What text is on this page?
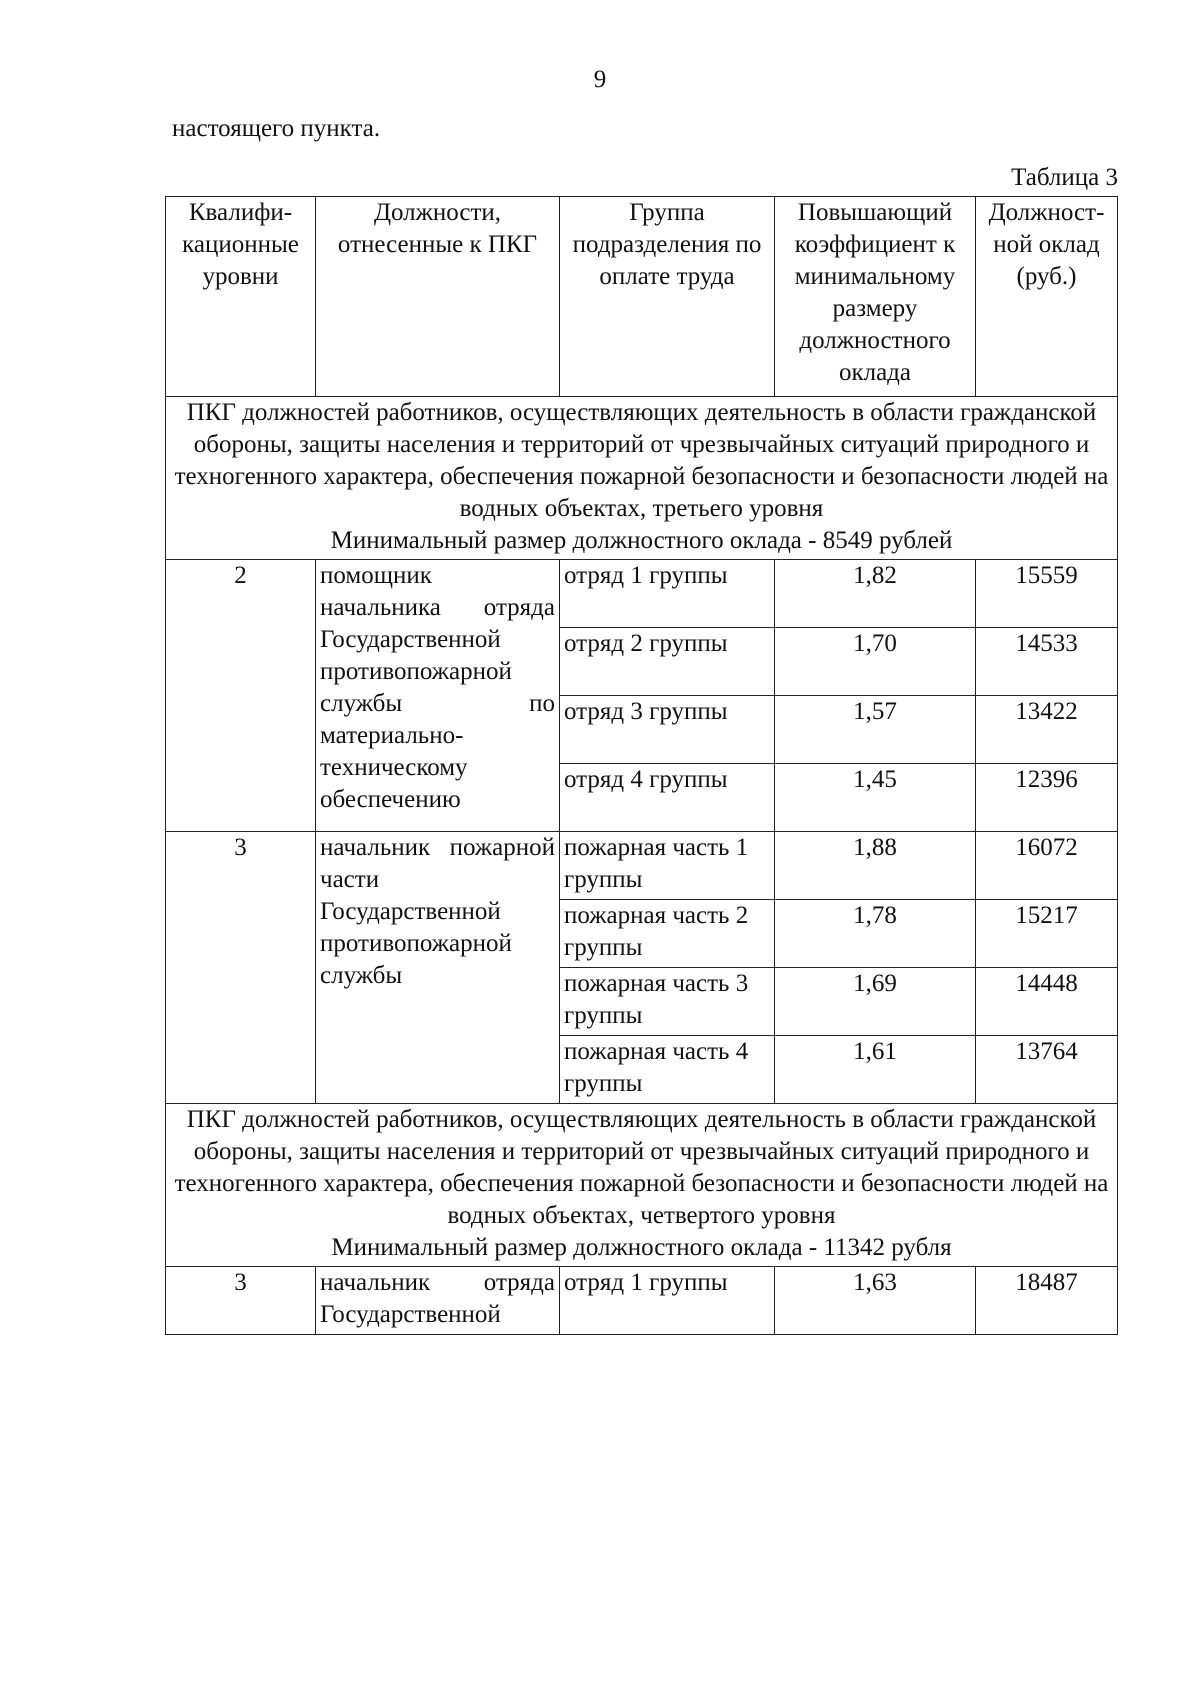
9
настоящего пункта.
Таблица 3
Квалифи-кационные уровни	Должности, отнесенные к ПКГ	Группа подразделения по оплате труда	Повышающий коэффициент к минимальному размеру должностного оклада	Должност-ной оклад (руб.)

ПКГ должностей работников, осуществляющих деятельность в области гражданской обороны, защиты населения и территорий от чрезвычайных ситуаций природного и техногенного характера, обеспечения пожарной безопасности и безопасности людей на водных объектах, третьего уровня
Минимальный размер должностного оклада - 8549 рублей				

2	помощник начальника отряда Государственной противопожарной службы по материально-техническому обеспечению	отряд 1 группы	1,82	15559
		отряд 2 группы	1,70	14533
		отряд 3 группы	1,57	13422
		отряд 4 группы	1,45	12396
3	начальник пожарной части Государственной противопожарной службы	пожарная часть 1 группы	1,88	16072
		пожарная часть 2 группы	1,78	15217
		пожарная часть 3 группы	1,69	14448
		пожарная часть 4 группы	1,61	13764

ПКГ должностей работников, осуществляющих деятельность в области гражданской обороны, защиты населения и территорий от чрезвычайных ситуаций природного и техногенного характера, обеспечения пожарной безопасности и безопасности людей на водных объектах, четвертого уровня
Минимальный размер должностного оклада - 11342 рубля				

3	начальник отряда Государственной	отряд 1 группы	1,63	18487
